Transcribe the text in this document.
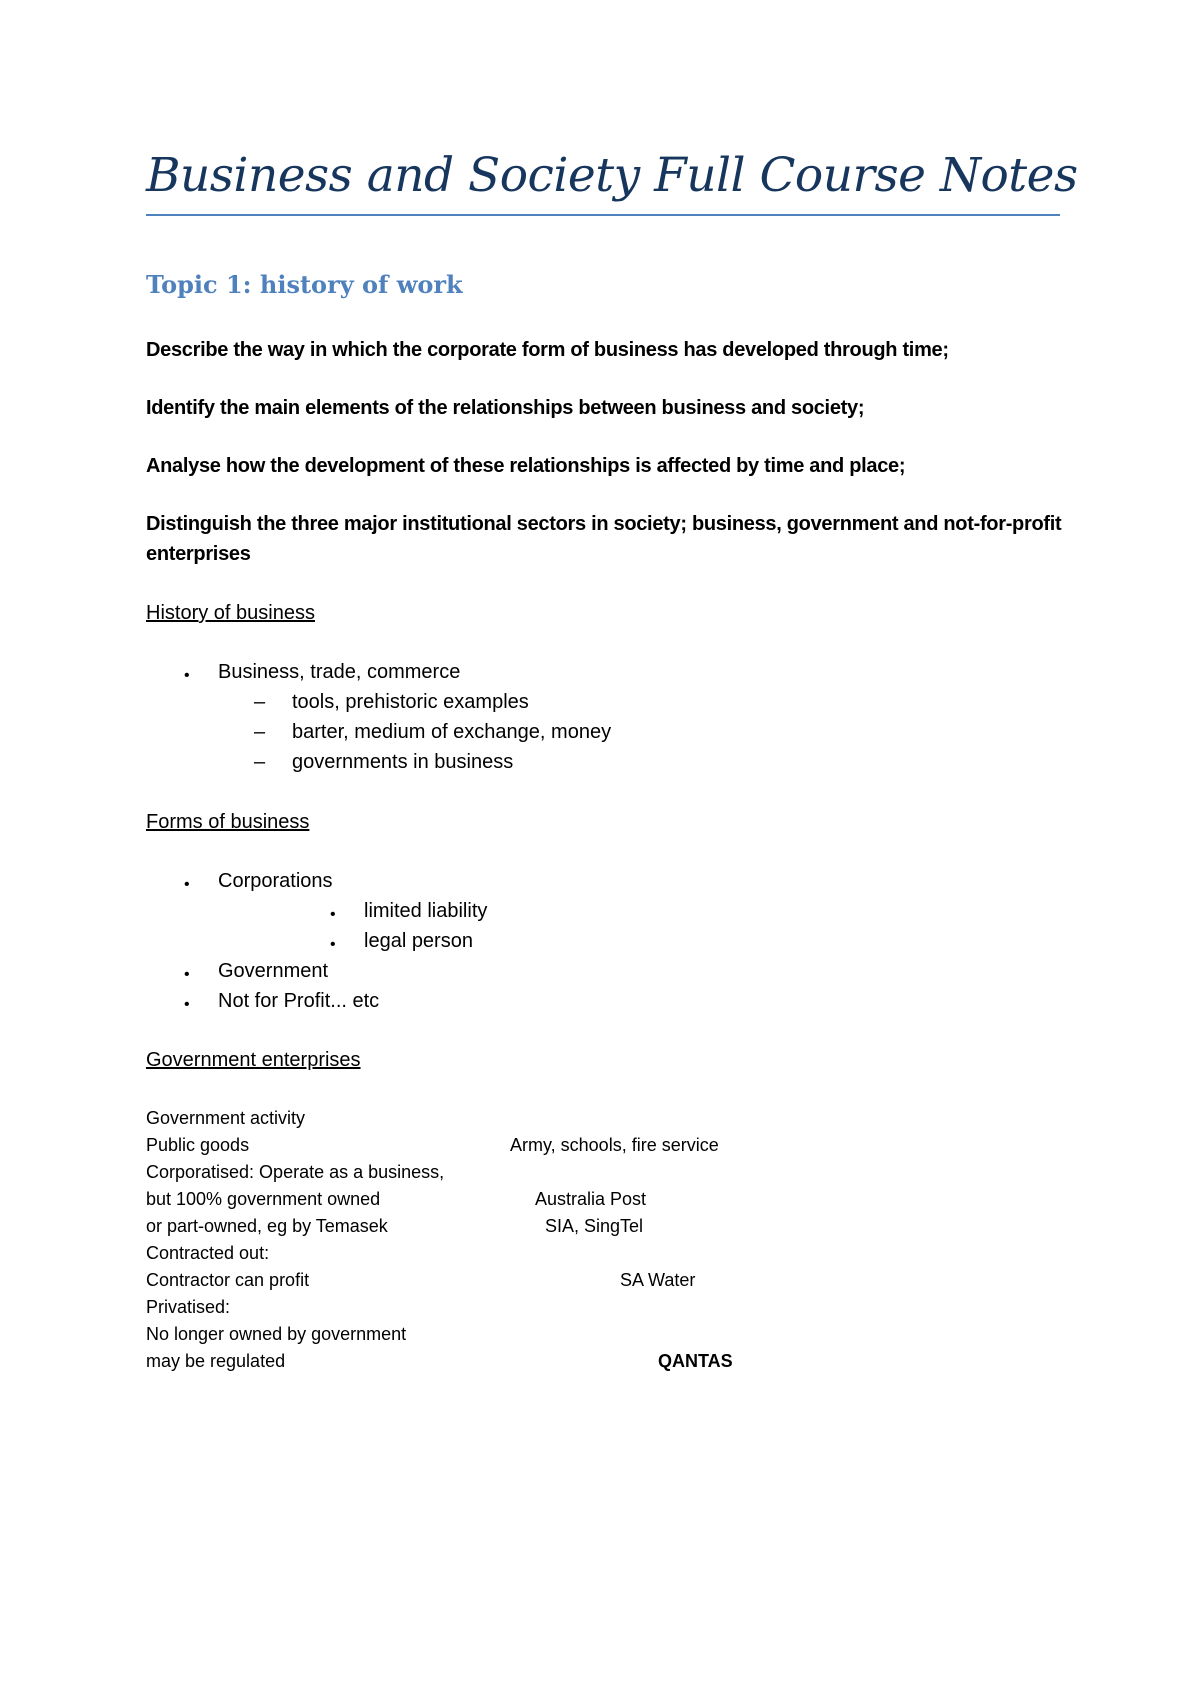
Business and Society Full Course Notes
Topic 1: history of work

Describe the way in which the corporate form of business has developed through time;

Identify the main elements of the relationships between business and society;

Analyse how the development of these relationships is affected by time and place;

Distinguish the three major institutional sectors in society; business, government and not-for-profit enterprises

History of business

• Business, trade, commerce

– tools, prehistoric examples

– barter, medium of exchange, money

– governments in business

Forms of business

• Corporations

• limited liability

• legal person

• Government

• Not for Profit... etc

Government enterprises

Government activity

Public goods	Army, schools, fire service

Corporatised: Operate as a business,

but 100% government owned	Australia Post

or part-owned, eg by Temasek	SIA, SingTel

Contracted out:

Contractor can profit	SA Water

Privatised:

No longer owned by government

may be regulated	QANTAS
